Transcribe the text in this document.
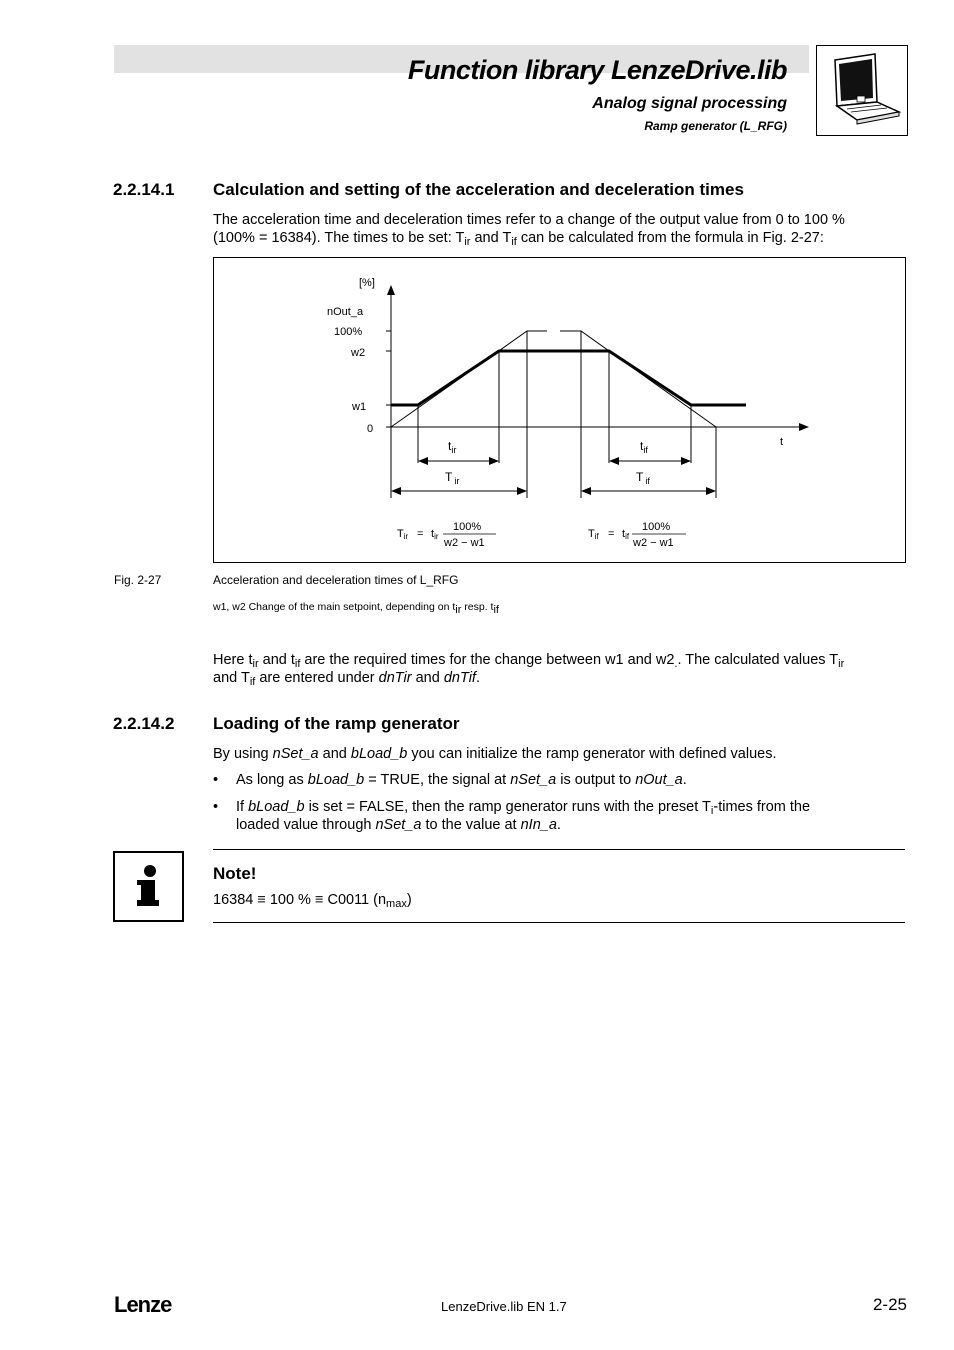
Function library LenzeDrive.lib
Analog signal processing
Ramp generator (L_RFG)
2.2.14.1 Calculation and setting of the acceleration and deceleration times
The acceleration time and deceleration times refer to a change of the output value from 0 to 100 %
(100% = 16384). The times to be set: $T_{ir}$ and $T_{if}$ can be calculated from the formula in Fig. 2-27:
[%]
nOut_a
100%
w2
w1
0
t
$t_{ir}$
T $_{ir}$
$t_{if}$
T $_{if}$
Tir = tir
100%
w2 − w1
Tif = tif
100%
w2 − w1
Fig. 2-27	Acceleration and deceleration times of L_RFG
w1, w2 Change of the main setpoint, depending on $t_{ir}$ resp. $t_{if}$
Here $t_{ir}$ and $t_{if}$ are the required times for the change between w1 and $w2_.$. The calculated values $T_{ir}$
and $T_{if}$ are entered under dnTir and dnTif.
2.2.14.2 Loading of the ramp generator
By using nSet_a and bLoad_b you can initialize the ramp generator with defined values.
• As long as bLoad_b = TRUE, the signal at nSet_a is output to nOut_a.
• If bLoad_b is set = FALSE, then the ramp generator runs with the preset $T_i$-times from the
loaded value through nSet_a to the value at nIn_a.
Note!
16384 ≡ 100 % ≡ C0011 $(n_{max})$
Lenze	LenzeDrive.lib EN 1.7	2-25
